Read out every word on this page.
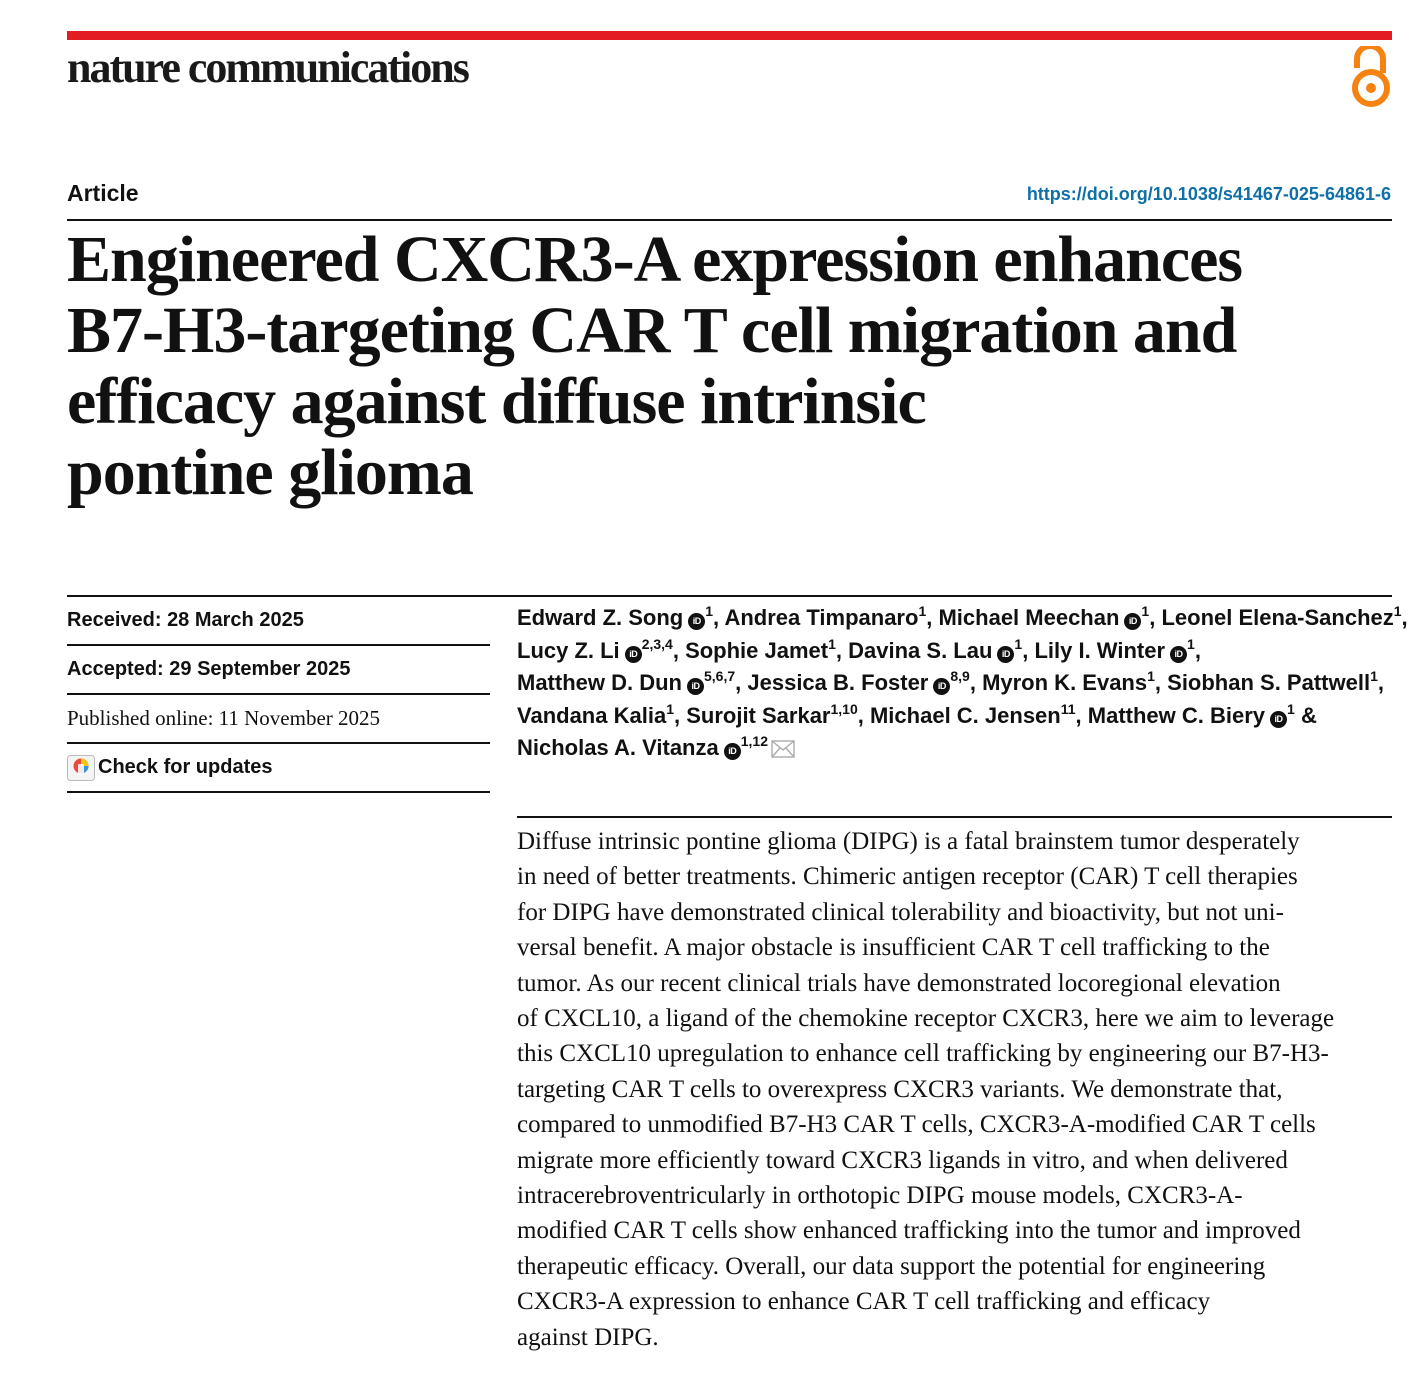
nature communications
Article	https://doi.org/10.1038/s41467-025-64861-6
Engineered CXCR3-A expression enhances
B7-H3-targeting CAR T cell migration and
efficacy against diffuse intrinsic
pontine glioma
Received:
28 March 2025
Accepted:
29 September 2025
Published online:
11 November 2025
Check for updates
Edward Z. Song $iD^1$, Andrea Timpanaro$^1$, Michael Meechan $iD^1$, Leonel Elena-Sanchez$^1$,
Lucy Z. Li iD$^{2,3,4}$, Sophie Jamet$^1$, Davina S. Lau $iD^1$, Lily I. Winter $iD^1$,
Matthew D. Dun iD$^{5,6,7}$, Jessica B. Foster iD$^{8,9}$, Myron K. Evans$^1$, Siobhan S. Pattwell$^1$,
Vandana Kalia$^1$, Surojit Sarkar$^{1,10}$, Michael C. Jensen$^{11}$, Matthew C. Biery $iD^1$ &
Nicholas A. Vitanza iD$^{1,12}$
Diffuse intrinsic pontine glioma (DIPG) is a fatal brainstem tumor desperately
in need of better treatments. Chimeric antigen receptor (CAR) T cell therapies
for DIPG have demonstrated clinical tolerability and bioactivity, but not uni-
versal benefit. A major obstacle is insufficient CAR T cell trafficking to the
tumor. As our recent clinical trials have demonstrated locoregional elevation
of CXCL10, a ligand of the chemokine receptor CXCR3, here we aim to leverage
this CXCL10 upregulation to enhance cell trafficking by engineering our B7-H3-
targeting CAR T cells to overexpress CXCR3 variants. We demonstrate that,
compared to unmodified B7-H3 CAR T cells, CXCR3-A-modified CAR T cells
migrate more efficiently toward CXCR3 ligands in vitro, and when delivered
intracerebroventricularly in orthotopic DIPG mouse models, CXCR3-A-
modified CAR T cells show enhanced trafficking into the tumor and improved
therapeutic efficacy. Overall, our data support the potential for engineering
CXCR3-A expression to enhance CAR T cell trafficking and efficacy
against DIPG.
